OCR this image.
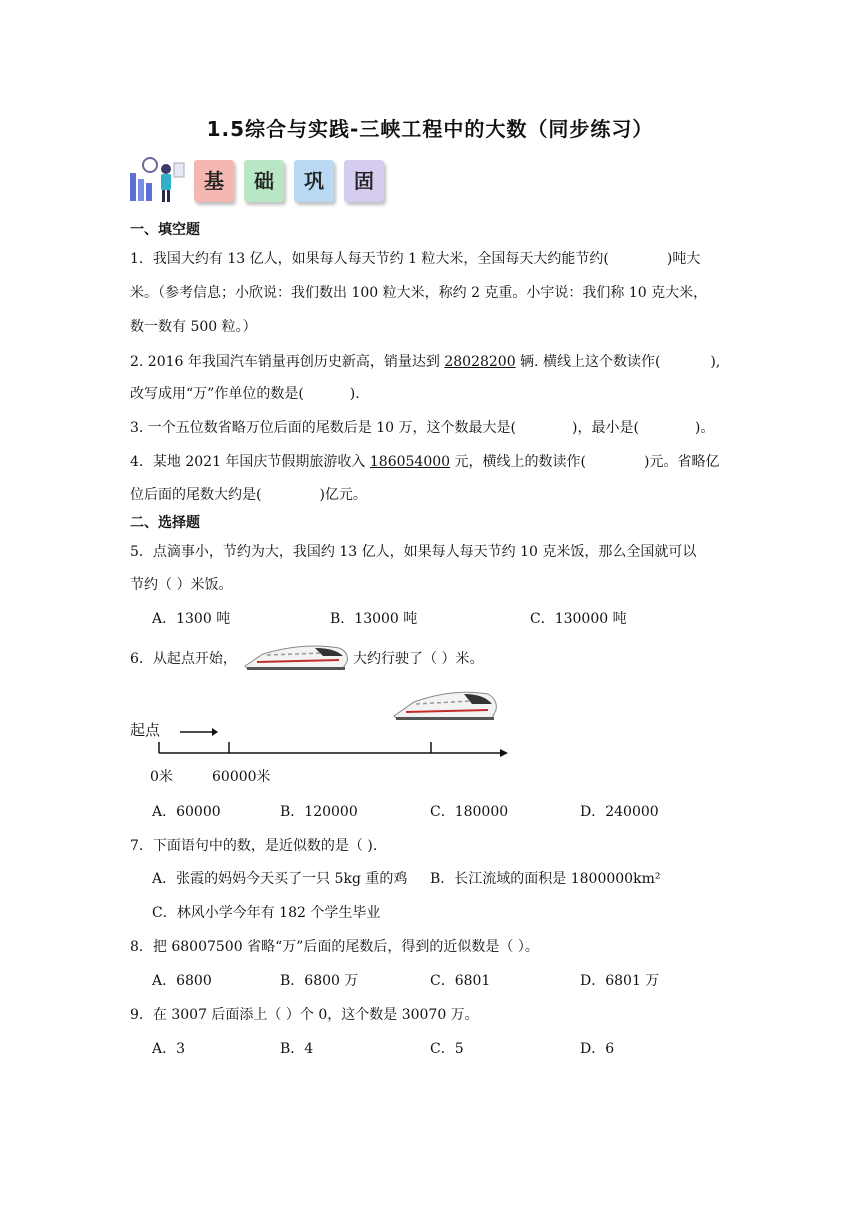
1.5综合与实践-三峡工程中的大数（同步练习）
基	础	巩	固
一、填空题
1．我国大约有 13 亿人，如果每人每天节约 1 粒大米，全国每天大约能节约(	)吨大
米。（参考信息；小欣说：我们数出 100 粒大米，称约 2 克重。小宇说：我们称 10 克大米，
数一数有 500 粒。）
2. 2016 年我国汽车销量再创历史新高，销量达到 28028200 辆. 横线上这个数读作(	),
改写成用“万”作单位的数是(	).
3. 一个五位数省略万位后面的尾数后是 10 万，这个数最大是(	)，最小是(	)。
4．某地 2021 年国庆节假期旅游收入 186054000 元，横线上的数读作(	)元。省略亿
位后面的尾数大约是(	)亿元。
二、选择题
5．点滴事小，节约为大，我国约 13 亿人，如果每人每天节约 10 克米饭，那么全国就可以
节约（ ）米饭。
A．1300 吨	B．13000 吨	C．130000 吨
6．从起点开始，	大约行驶了（ ）米。
起点
0米	60000米
A．60000	B．120000	C．180000	D．240000
7．下面语句中的数，是近似数的是（ ).
A．张霞的妈妈今天买了一只 5kg 重的鸡 B．长江流域的面积是 1800000km²
C．林风小学今年有 182 个学生毕业
8．把 68007500 省略“万”后面的尾数后，得到的近似数是（ ）。
A．6800	B．6800 万	C．6801	D．6801 万
9．在 3007 后面添上（ ）个 0，这个数是 30070 万。
A．3	B．4	C．5	D．6
